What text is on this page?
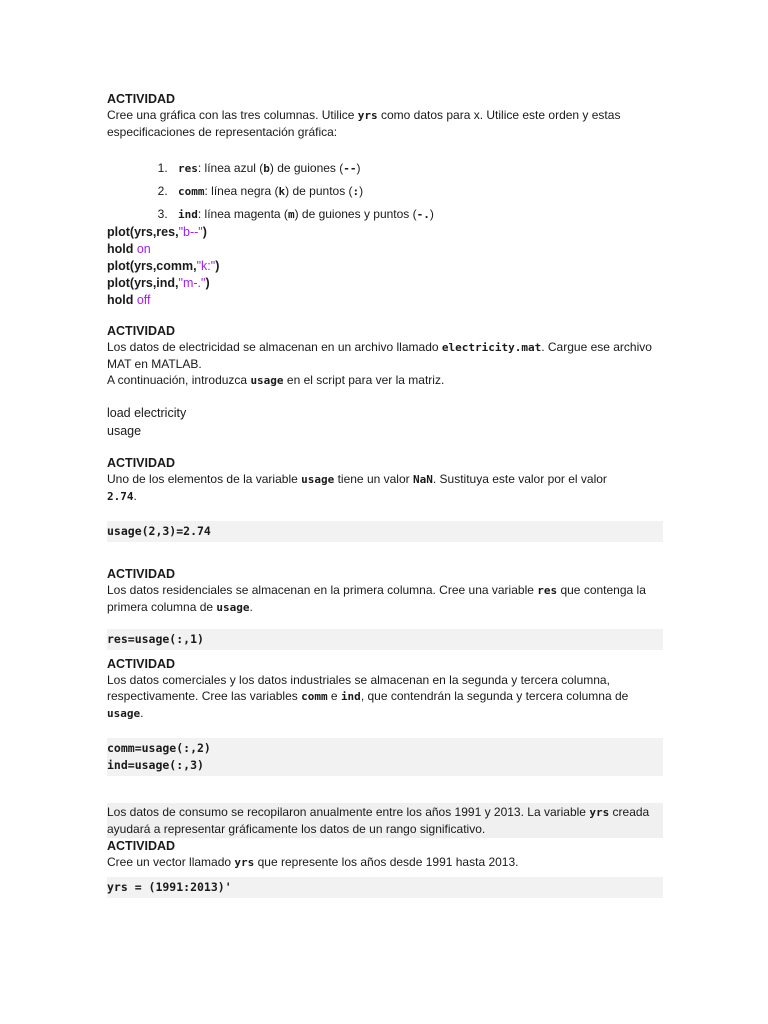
ACTIVIDAD

Cree una gráfica con las tres columnas. Utilice yrs como datos para x. Utilice este orden y estas especificaciones de representación gráfica:

1. res: línea azul (b) de guiones (--)
2. comm: línea negra (k) de puntos (:)
3. ind: línea magenta (m) de guiones y puntos (-.)
plot(yrs,res,"b--")
hold on
plot(yrs,comm,"k:")
plot(yrs,ind,"m-.")
hold off

ACTIVIDAD

Los datos de electricidad se almacenan en un archivo llamado electricity.mat. Cargue ese archivo MAT en MATLAB.

A continuación, introduzca usage en el script para ver la matriz.

load electricity
usage

ACTIVIDAD

Uno de los elementos de la variable usage tiene un valor NaN. Sustituya este valor por el valor 2.74.

usage(2,3)=2.74

ACTIVIDAD

Los datos residenciales se almacenan en la primera columna. Cree una variable res que contenga la primera columna de usage.

res=usage(:,1)

ACTIVIDAD

Los datos comerciales y los datos industriales se almacenan en la segunda y tercera columna, respectivamente. Cree las variables comm e ind, que contendrán la segunda y tercera columna de usage.

comm=usage(:,2)
ind=usage(:,3)

Los datos de consumo se recopilaron anualmente entre los años 1991 y 2013. La variable yrs creada ayudará a representar gráficamente los datos de un rango significativo.

ACTIVIDAD

Cree un vector llamado yrs que represente los años desde 1991 hasta 2013.

yrs = (1991:2013)'
